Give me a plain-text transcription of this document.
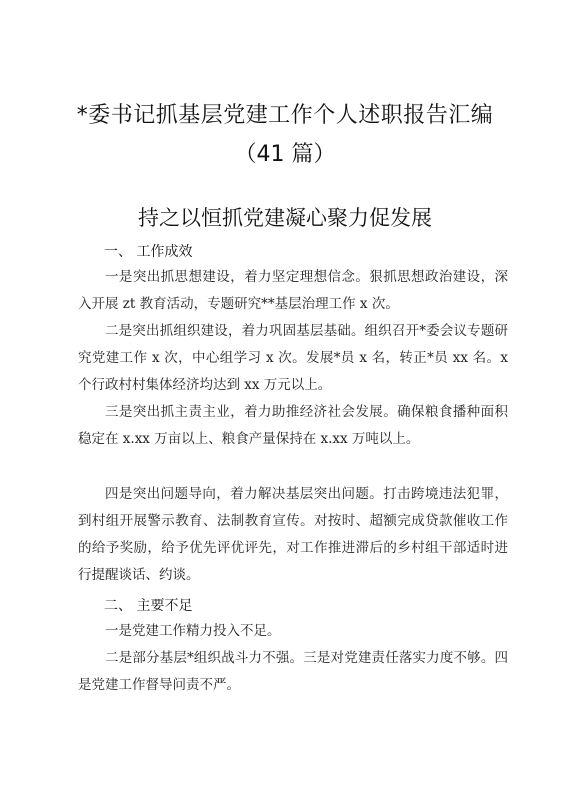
*委书记抓基层党建工作个人述职报告汇编
（41 篇）
持之以恒抓党建凝心聚力促发展
一、 工作成效

一是突出抓思想建设，着力坚定理想信念。狠抓思想政治建设，深入开展 zt 教育活动，专题研究**基层治理工作 x 次。

二是突出抓组织建设，着力巩固基层基础。组织召开*委会议专题研究党建工作 x 次，中心组学习 x 次。发展*员 x 名，转正*员 xx 名。x 个行政村村集体经济均达到 xx 万元以上。

三是突出抓主责主业，着力助推经济社会发展。确保粮食播种面积稳定在 x.xx 万亩以上、粮食产量保持在 x.xx 万吨以上。

四是突出问题导向，着力解决基层突出问题。打击跨境违法犯罪，到村组开展警示教育、法制教育宣传。对按时、超额完成贷款催收工作的给予奖励，给予优先评优评先，对工作推进滞后的乡村组干部适时进行提醒谈话、约谈。

二、 主要不足

一是党建工作精力投入不足。

二是部分基层*组织战斗力不强。三是对党建责任落实力度不够。四是党建工作督导问责不严。
